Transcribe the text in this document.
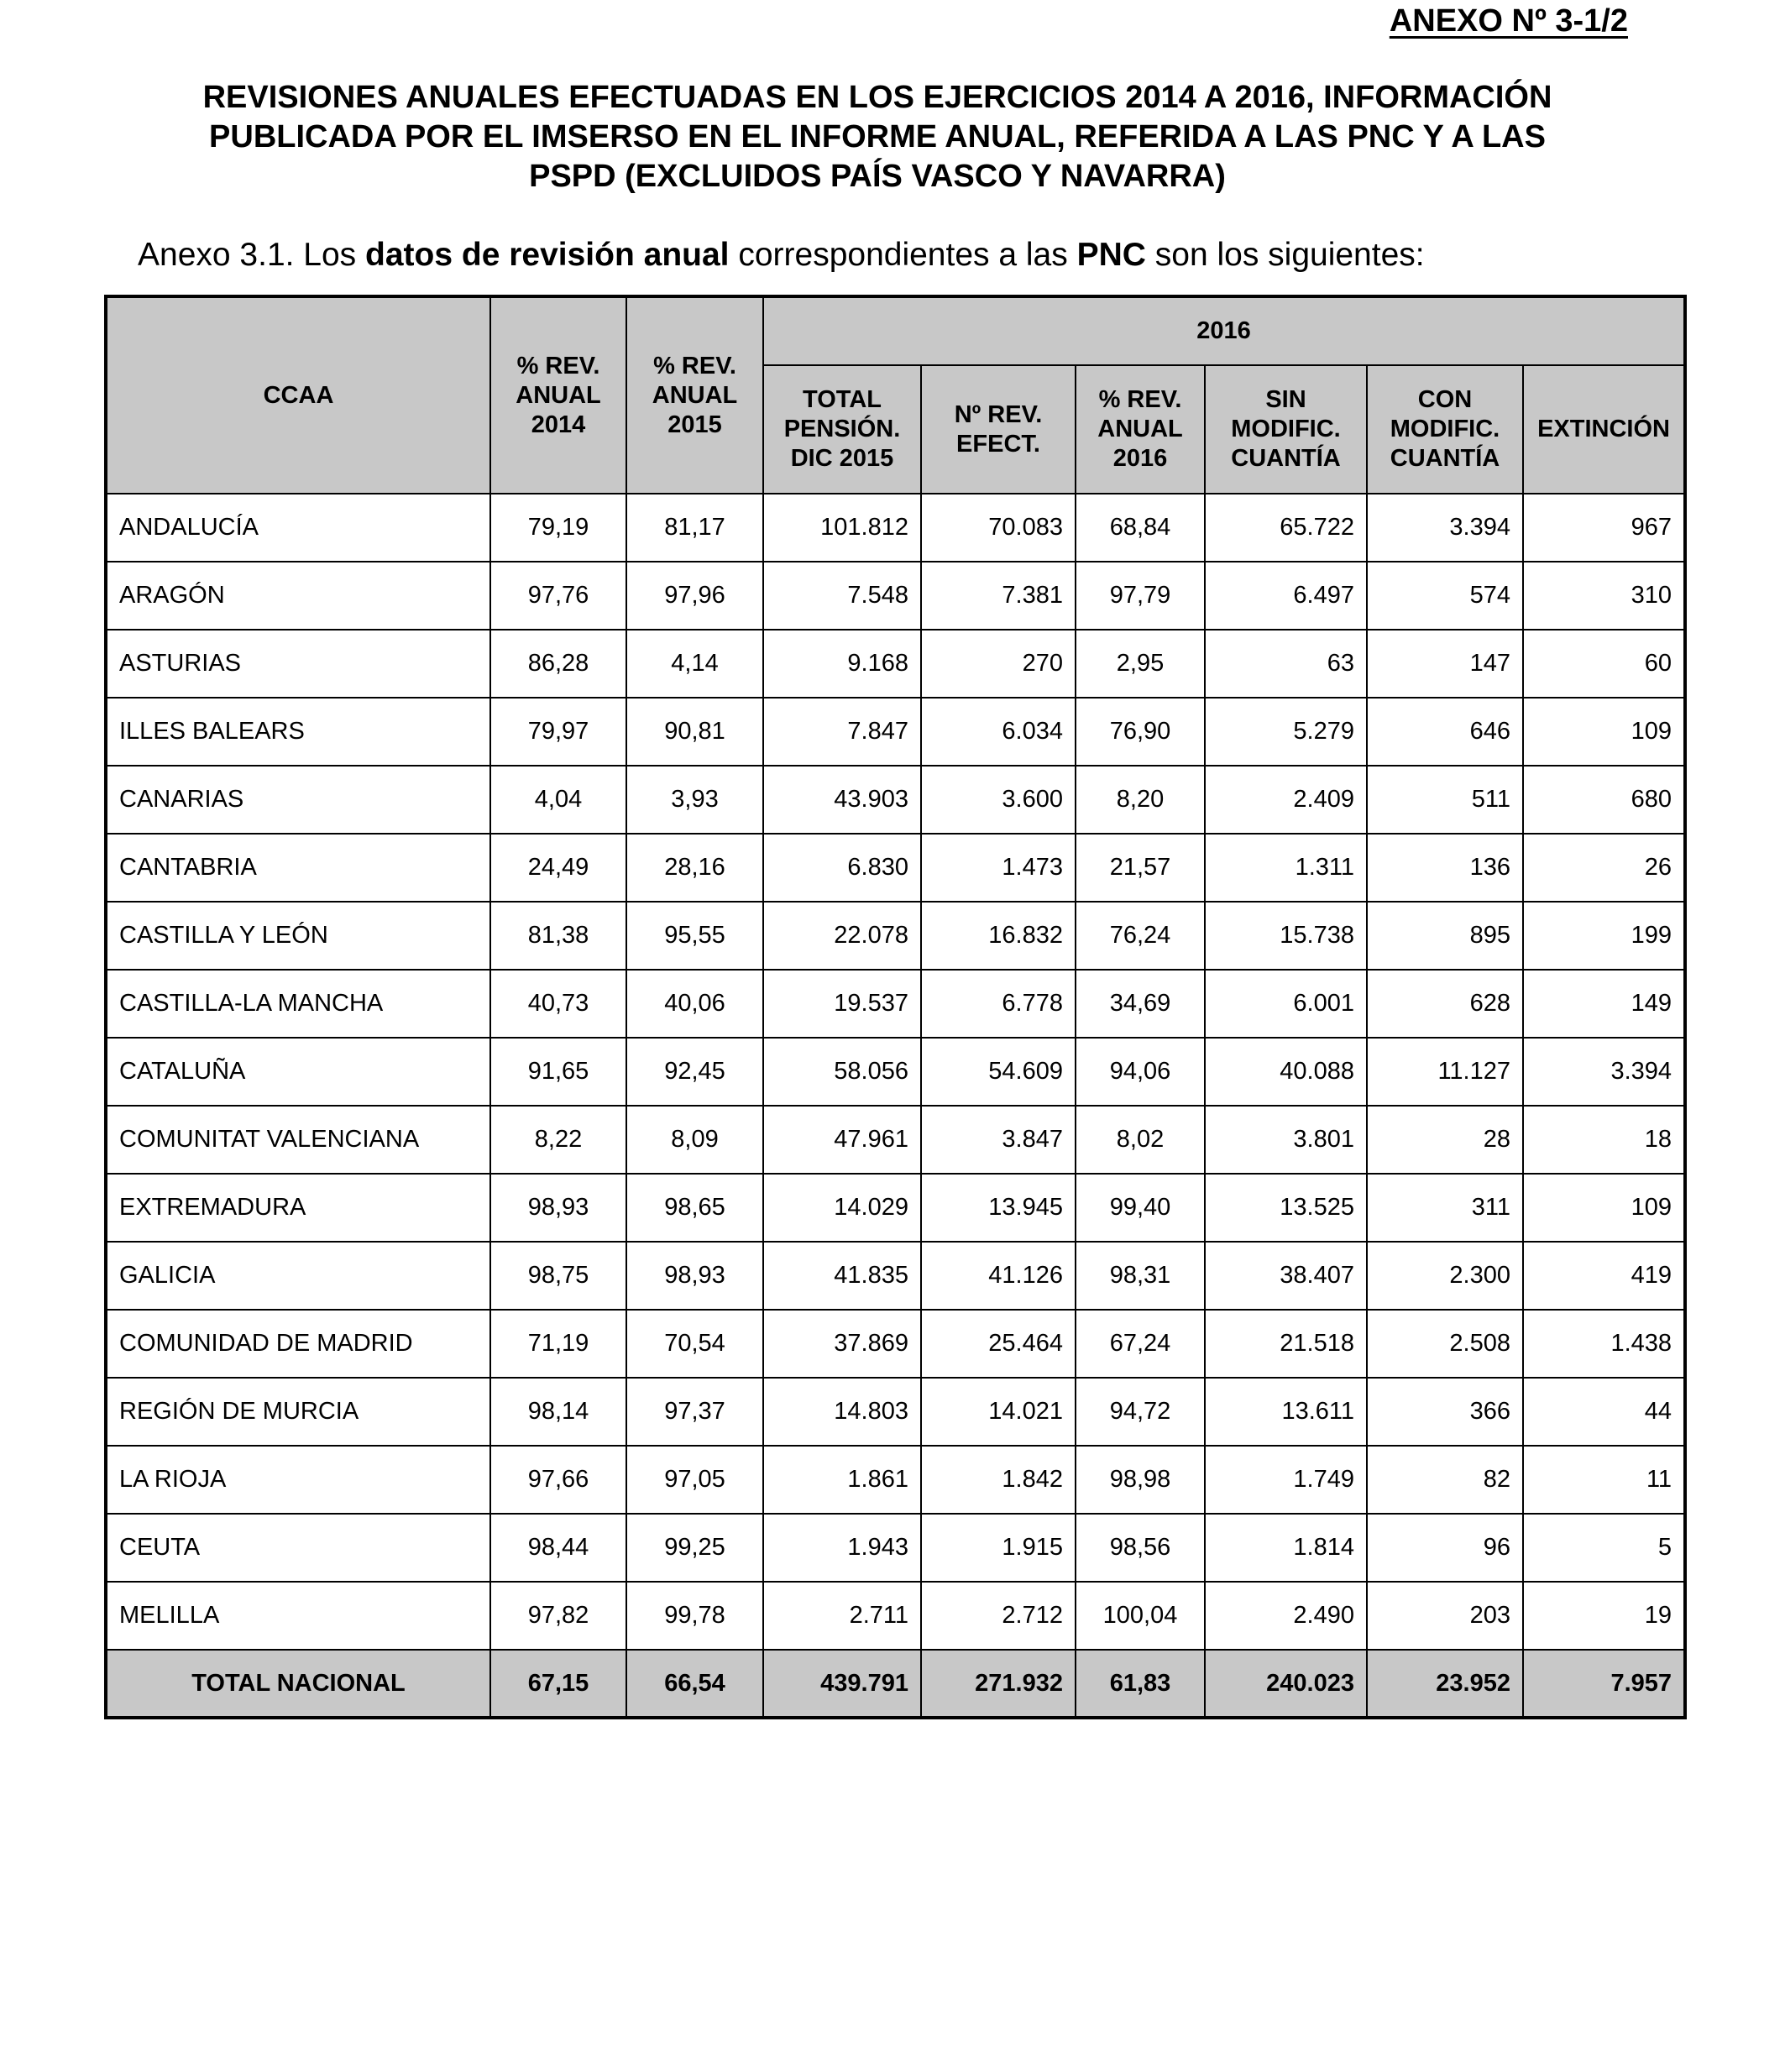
ANEXO Nº 3-1/2
REVISIONES ANUALES EFECTUADAS EN LOS EJERCICIOS 2014 A 2016, INFORMACIÓN
PUBLICADA POR EL IMSERSO EN EL INFORME ANUAL, REFERIDA A LAS PNC Y A LAS
PSPD (EXCLUIDOS PAÍS VASCO Y NAVARRA)
Anexo 3.1. Los datos de revisión anual correspondientes a las PNC son los siguientes:
CCAA	% REV. ANUAL 2014	% REV. ANUAL 2015	2016					
			TOTAL PENSIÓN. DIC 2015	Nº REV. EFECT.	% REV. ANUAL 2016	SIN MODIFIC. CUANTÍA	CON MODIFIC. CUANTÍA	EXTINCIÓN
ANDALUCÍA	79,19	81,17	101.812	70.083	68,84	65.722	3.394	967
ARAGÓN	97,76	97,96	7.548	7.381	97,79	6.497	574	310
ASTURIAS	86,28	4,14	9.168	270	2,95	63	147	60
ILLES BALEARS	79,97	90,81	7.847	6.034	76,90	5.279	646	109
CANARIAS	4,04	3,93	43.903	3.600	8,20	2.409	511	680
CANTABRIA	24,49	28,16	6.830	1.473	21,57	1.311	136	26
CASTILLA Y LEÓN	81,38	95,55	22.078	16.832	76,24	15.738	895	199
CASTILLA-LA MANCHA	40,73	40,06	19.537	6.778	34,69	6.001	628	149
CATALUÑA	91,65	92,45	58.056	54.609	94,06	40.088	11.127	3.394
COMUNITAT VALENCIANA	8,22	8,09	47.961	3.847	8,02	3.801	28	18
EXTREMADURA	98,93	98,65	14.029	13.945	99,40	13.525	311	109
GALICIA	98,75	98,93	41.835	41.126	98,31	38.407	2.300	419
COMUNIDAD DE MADRID	71,19	70,54	37.869	25.464	67,24	21.518	2.508	1.438
REGIÓN DE MURCIA	98,14	97,37	14.803	14.021	94,72	13.611	366	44
LA RIOJA	97,66	97,05	1.861	1.842	98,98	1.749	82	11
CEUTA	98,44	99,25	1.943	1.915	98,56	1.814	96	5
MELILLA	97,82	99,78	2.711	2.712	100,04	2.490	203	19
TOTAL NACIONAL	67,15	66,54	439.791	271.932	61,83	240.023	23.952	7.957
